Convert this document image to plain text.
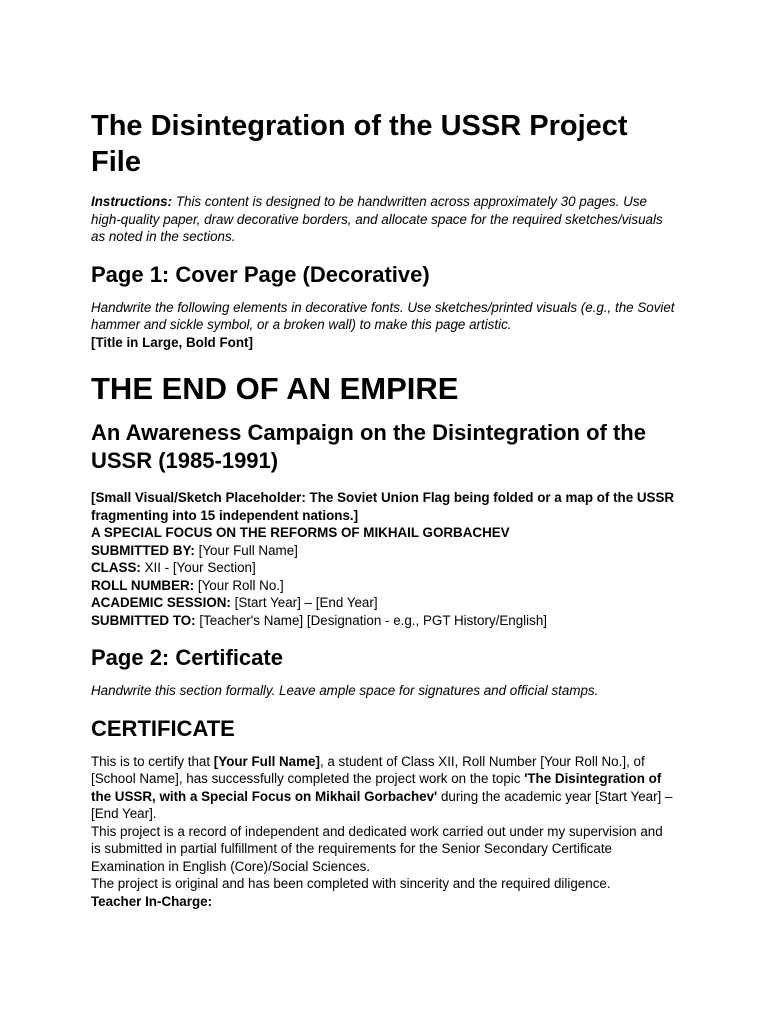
The Disintegration of the USSR Project File

Instructions: This content is designed to be handwritten across approximately 30 pages. Use high-quality paper, draw decorative borders, and allocate space for the required sketches/visuals as noted in the sections.

Page 1: Cover Page (Decorative)

Handwrite the following elements in decorative fonts. Use sketches/printed visuals (e.g., the Soviet hammer and sickle symbol, or a broken wall) to make this page artistic.

[Title in Large, Bold Font]

THE END OF AN EMPIRE
An Awareness Campaign on the Disintegration of the USSR (1985-1991)

[Small Visual/Sketch Placeholder: The Soviet Union Flag being folded or a map of the USSR fragmenting into 15 independent nations.]

A SPECIAL FOCUS ON THE REFORMS OF MIKHAIL GORBACHEV

SUBMITTED BY: [Your Full Name]

CLASS: XII - [Your Section]

ROLL NUMBER: [Your Roll No.]

ACADEMIC SESSION: [Start Year] – [End Year]

SUBMITTED TO: [Teacher's Name] [Designation - e.g., PGT History/English]

Page 2: Certificate

Handwrite this section formally. Leave ample space for signatures and official stamps.

CERTIFICATE

This is to certify that [Your Full Name], a student of Class XII, Roll Number [Your Roll No.], of [School Name], has successfully completed the project work on the topic 'The Disintegration of the USSR, with a Special Focus on Mikhail Gorbachev' during the academic year [Start Year] – [End Year].

This project is a record of independent and dedicated work carried out under my supervision and is submitted in partial fulfillment of the requirements for the Senior Secondary Certificate Examination in English (Core)/Social Sciences.

The project is original and has been completed with sincerity and the required diligence.

Teacher In-Charge:
